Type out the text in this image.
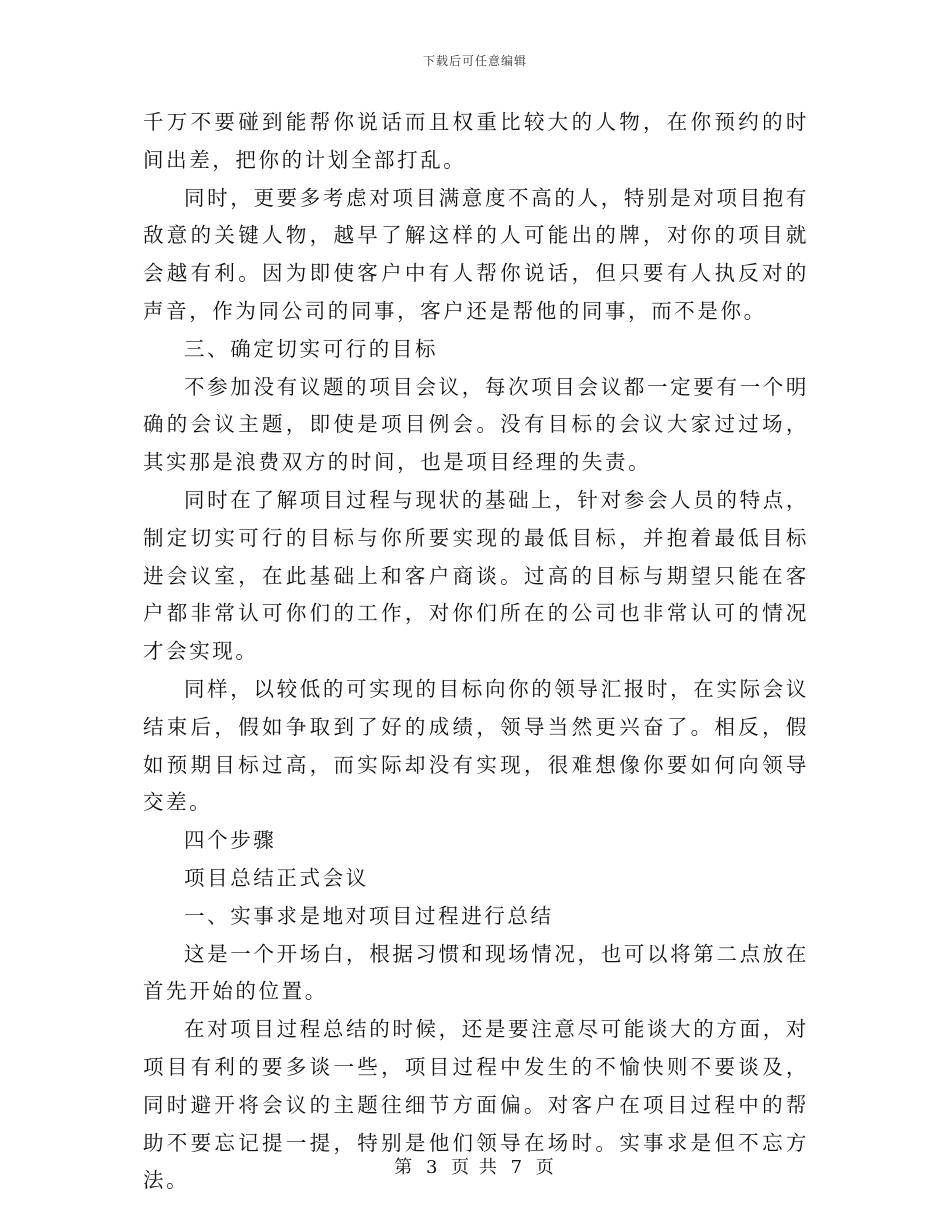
下载后可任意编辑

千万不要碰到能帮你说话而且权重比较大的人物，在你预约的时间出差，把你的计划全部打乱。

同时，更要多考虑对项目满意度不高的人，特别是对项目抱有敌意的关键人物，越早了解这样的人可能出的牌，对你的项目就会越有利。因为即使客户中有人帮你说话，但只要有人执反对的声音，作为同公司的同事，客户还是帮他的同事，而不是你。

三、确定切实可行的目标

不参加没有议题的项目会议，每次项目会议都一定要有一个明确的会议主题，即使是项目例会。没有目标的会议大家过过场，其实那是浪费双方的时间，也是项目经理的失责。

同时在了解项目过程与现状的基础上，针对参会人员的特点，制定切实可行的目标与你所要实现的最低目标，并抱着最低目标进会议室，在此基础上和客户商谈。过高的目标与期望只能在客户都非常认可你们的工作，对你们所在的公司也非常认可的情况才会实现。

同样，以较低的可实现的目标向你的领导汇报时，在实际会议结束后，假如争取到了好的成绩，领导当然更兴奋了。相反，假如预期目标过高，而实际却没有实现，很难想像你要如何向领导交差。

四个步骤

项目总结正式会议

一、实事求是地对项目过程进行总结

这是一个开场白，根据习惯和现场情况，也可以将第二点放在首先开始的位置。

在对项目过程总结的时候，还是要注意尽可能谈大的方面，对项目有利的要多谈一些，项目过程中发生的不愉快则不要谈及，同时避开将会议的主题往细节方面偏。对客户在项目过程中的帮助不要忘记提一提，特别是他们领导在场时。实事求是但不忘方法。

第 3 页 共 7 页
